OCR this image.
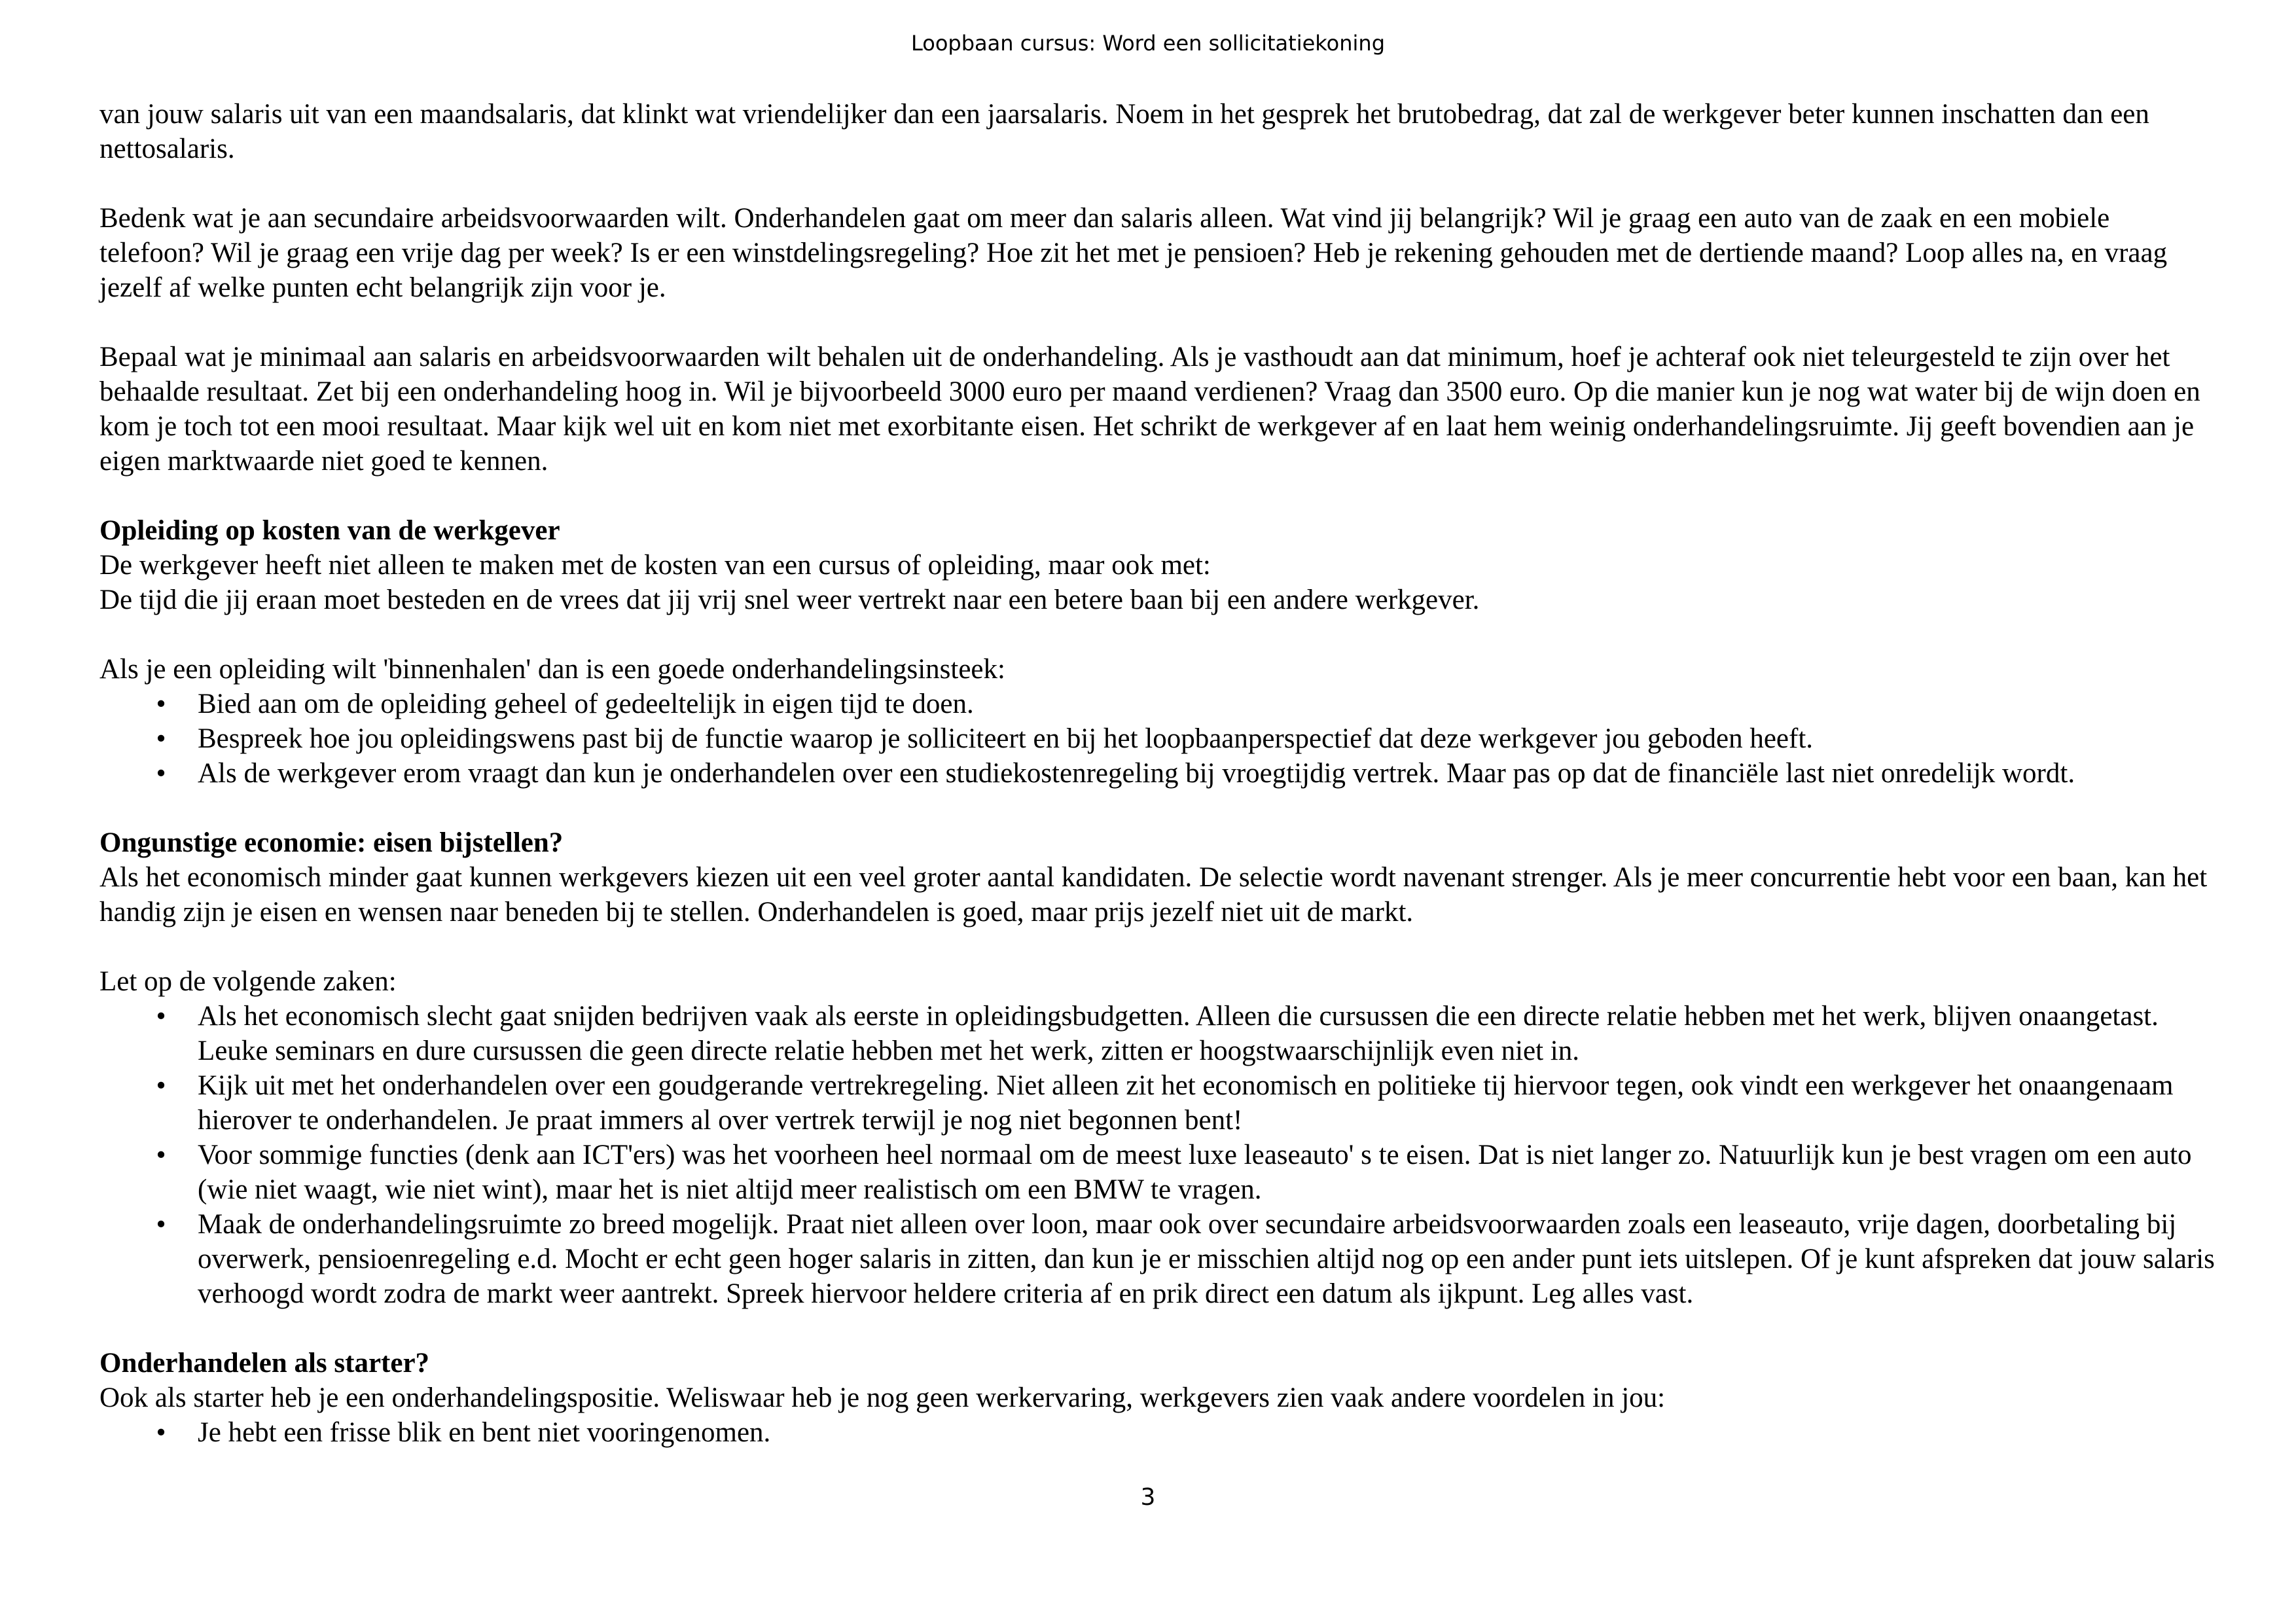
Loopbaan cursus: Word een sollicitatiekoning

van jouw salaris uit van een maandsalaris, dat klinkt wat vriendelijker dan een jaarsalaris. Noem in het gesprek het brutobedrag, dat zal de werkgever beter kunnen inschatten dan een nettosalaris.

Bedenk wat je aan secundaire arbeidsvoorwaarden wilt. Onderhandelen gaat om meer dan salaris alleen. Wat vind jij belangrijk? Wil je graag een auto van de zaak en een mobiele telefoon? Wil je graag een vrije dag per week? Is er een winstdelingsregeling? Hoe zit het met je pensioen? Heb je rekening gehouden met de dertiende maand? Loop alles na, en vraag jezelf af welke punten echt belangrijk zijn voor je.

Bepaal wat je minimaal aan salaris en arbeidsvoorwaarden wilt behalen uit de onderhandeling. Als je vasthoudt aan dat minimum, hoef je achteraf ook niet teleurgesteld te zijn over het behaalde resultaat. Zet bij een onderhandeling hoog in. Wil je bijvoorbeeld 3000 euro per maand verdienen? Vraag dan 3500 euro. Op die manier kun je nog wat water bij de wijn doen en kom je toch tot een mooi resultaat. Maar kijk wel uit en kom niet met exorbitante eisen. Het schrikt de werkgever af en laat hem weinig onderhandelingsruimte. Jij geeft bovendien aan je eigen marktwaarde niet goed te kennen.

Opleiding op kosten van de werkgever

De werkgever heeft niet alleen te maken met de kosten van een cursus of opleiding, maar ook met:

De tijd die jij eraan moet besteden en de vrees dat jij vrij snel weer vertrekt naar een betere baan bij een andere werkgever.

Als je een opleiding wilt 'binnenhalen' dan is een goede onderhandelingsinsteek:

• Bied aan om de opleiding geheel of gedeeltelijk in eigen tijd te doen.
• Bespreek hoe jou opleidingswens past bij de functie waarop je solliciteert en bij het loopbaanperspectief dat deze werkgever jou geboden heeft.
• Als de werkgever erom vraagt dan kun je onderhandelen over een studiekostenregeling bij vroegtijdig vertrek. Maar pas op dat de financiële last niet onredelijk wordt.

Ongunstige economie: eisen bijstellen?

Als het economisch minder gaat kunnen werkgevers kiezen uit een veel groter aantal kandidaten. De selectie wordt navenant strenger. Als je meer concurrentie hebt voor een baan, kan het handig zijn je eisen en wensen naar beneden bij te stellen. Onderhandelen is goed, maar prijs jezelf niet uit de markt.

Let op de volgende zaken:

• Als het economisch slecht gaat snijden bedrijven vaak als eerste in opleidingsbudgetten. Alleen die cursussen die een directe relatie hebben met het werk, blijven onaangetast. Leuke seminars en dure cursussen die geen directe relatie hebben met het werk, zitten er hoogstwaarschijnlijk even niet in.
• Kijk uit met het onderhandelen over een goudgerande vertrekregeling. Niet alleen zit het economisch en politieke tij hiervoor tegen, ook vindt een werkgever het onaangenaam hierover te onderhandelen. Je praat immers al over vertrek terwijl je nog niet begonnen bent!
• Voor sommige functies (denk aan ICT'ers) was het voorheen heel normaal om de meest luxe leaseauto' s te eisen. Dat is niet langer zo. Natuurlijk kun je best vragen om een auto (wie niet waagt, wie niet wint), maar het is niet altijd meer realistisch om een BMW te vragen.
• Maak de onderhandelingsruimte zo breed mogelijk. Praat niet alleen over loon, maar ook over secundaire arbeidsvoorwaarden zoals een leaseauto, vrije dagen, doorbetaling bij overwerk, pensioenregeling e.d. Mocht er echt geen hoger salaris in zitten, dan kun je er misschien altijd nog op een ander punt iets uitslepen. Of je kunt afspreken dat jouw salaris verhoogd wordt zodra de markt weer aantrekt. Spreek hiervoor heldere criteria af en prik direct een datum als ijkpunt. Leg alles vast.

Onderhandelen als starter?

Ook als starter heb je een onderhandelingspositie. Weliswaar heb je nog geen werkervaring, werkgevers zien vaak andere voordelen in jou:

• Je hebt een frisse blik en bent niet vooringenomen.
3
